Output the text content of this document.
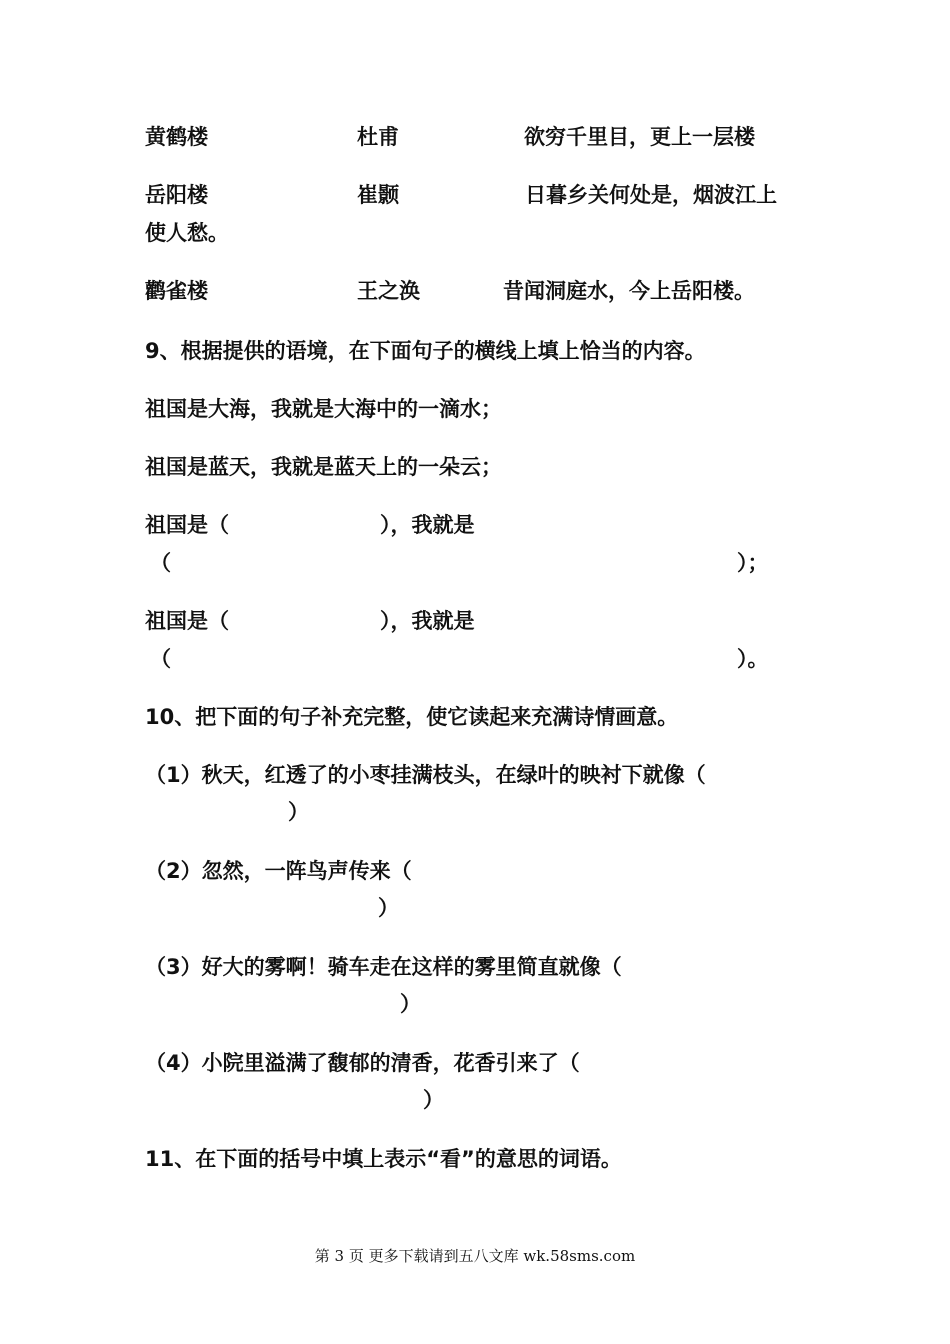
黄鹤楼	杜甫	欲穷千里目，更上一层楼
岳阳楼	崔颢	日暮乡关何处是，烟波江上
使人愁。
鹳雀楼	王之涣	昔闻洞庭水，今上岳阳楼。
9、根据提供的语境，在下面句子的横线上填上恰当的内容。
祖国是大海，我就是大海中的一滴水；
祖国是蓝天，我就是蓝天上的一朵云；
祖国是（	），我就是
（	）；
祖国是（	），我就是
（	）。
10、把下面的句子补充完整，使它读起来充满诗情画意。
（1）秋天，红透了的小枣挂满枝头，在绿叶的映衬下就像（
）
（2）忽然，一阵鸟声传来（
）
（3）好大的雾啊！骑车走在这样的雾里简直就像（
）
（4）小院里溢满了馥郁的清香，花香引来了（
）
11、在下面的括号中填上表示“看”的意思的词语。
第 3 页 更多下载请到五八文库 wk.58sms.com
